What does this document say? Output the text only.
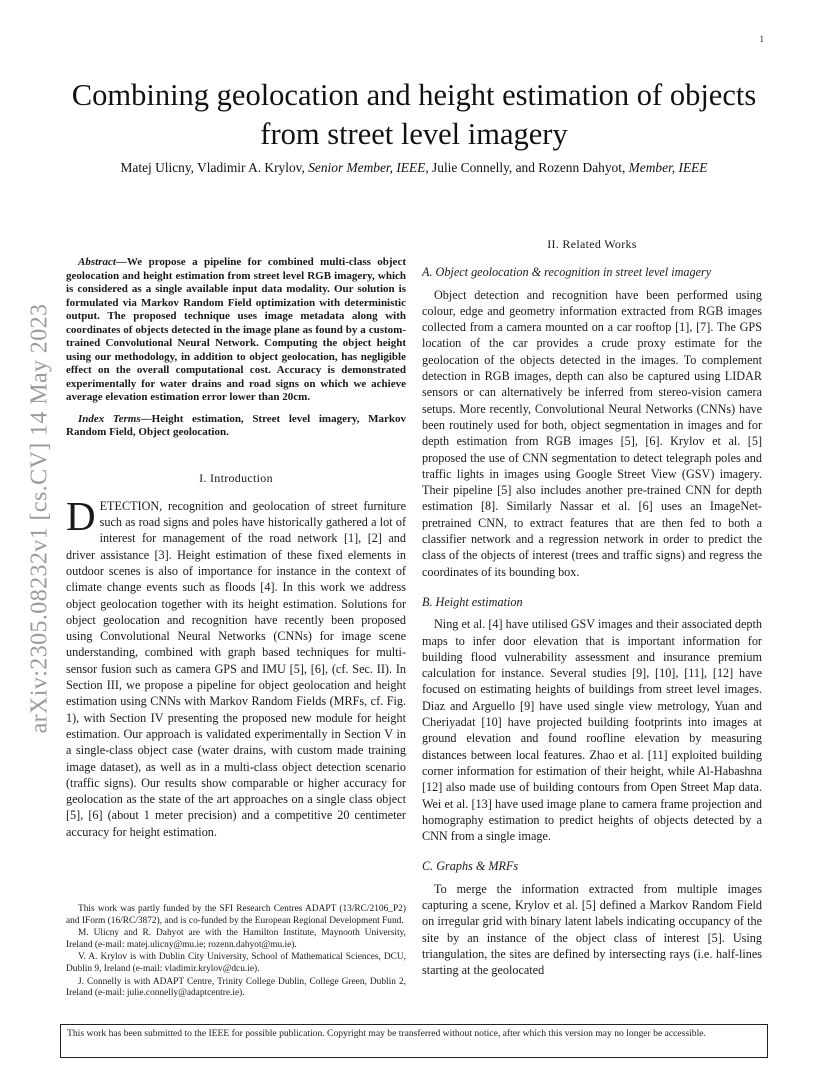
1
arXiv:2305.08232v1 [cs.CV] 14 May 2023
Combining geolocation and height estimation of objects from street level imagery
Matej Ulicny, Vladimir A. Krylov, Senior Member, IEEE, Julie Connelly, and Rozenn Dahyot, Member, IEEE

Abstract—We propose a pipeline for combined multi-class object geolocation and height estimation from street level RGB imagery, which is considered as a single available input data modality. Our solution is formulated via Markov Random Field optimization with deterministic output. The proposed technique uses image metadata along with coordinates of objects detected in the image plane as found by a custom-trained Convolutional Neural Network. Computing the object height using our methodology, in addition to object geolocation, has negligible effect on the overall computational cost. Accuracy is demonstrated experimentally for water drains and road signs on which we achieve average elevation estimation error lower than 20cm.

Index Terms—Height estimation, Street level imagery, Markov Random Field, Object geolocation.

I. Introduction

DETECTION, recognition and geolocation of street furniture such as road signs and poles have historically gathered a lot of interest for management of the road network [1], [2] and driver assistance [3]. Height estimation of these fixed elements in outdoor scenes is also of importance for instance in the context of climate change events such as floods [4]. In this work we address object geolocation together with its height estimation. Solutions for object geolocation and recognition have recently been proposed using Convolutional Neural Networks (CNNs) for image scene understanding, combined with graph based techniques for multi-sensor fusion such as camera GPS and IMU [5], [6], (cf. Sec. II). In Section III, we propose a pipeline for object geolocation and height estimation using CNNs with Markov Random Fields (MRFs, cf. Fig. 1), with Section IV presenting the proposed new module for height estimation. Our approach is validated experimentally in Section V in a single-class object case (water drains, with custom made training image dataset), as well as in a multi-class object detection scenario (traffic signs). Our results show comparable or higher accuracy for geolocation as the state of the art approaches on a single class object [5], [6] (about 1 meter precision) and a competitive 20 centimeter accuracy for height estimation.

This work was partly funded by the SFI Research Centres ADAPT (13/RC/2106_P2) and IForm (16/RC/3872), and is co-funded by the European Regional Development Fund.

M. Ulicny and R. Dahyot are with the Hamilton Institute, Maynooth University, Ireland (e-mail: matej.ulicny@mu.ie; rozenn.dahyot@mu.ie).

V. A. Krylov is with Dublin City University, School of Mathematical Sciences, DCU, Dublin 9, Ireland (e-mail: vladimir.krylov@dcu.ie).

J. Connelly is with ADAPT Centre, Trinity College Dublin, College Green, Dublin 2, Ireland (e-mail: julie.connelly@adaptcentre.ie).

II. Related Works
A. Object geolocation & recognition in street level imagery

Object detection and recognition have been performed using colour, edge and geometry information extracted from RGB images collected from a camera mounted on a car rooftop [1], [7]. The GPS location of the car provides a crude proxy estimate for the geolocation of the objects detected in the images. To complement detection in RGB images, depth can also be captured using LIDAR sensors or can alternatively be inferred from stereo-vision camera setups. More recently, Convolutional Neural Networks (CNNs) have been routinely used for both, object segmentation in images and for depth estimation from RGB images [5], [6]. Krylov et al. [5] proposed the use of CNN segmentation to detect telegraph poles and traffic lights in images using Google Street View (GSV) imagery. Their pipeline [5] also includes another pre-trained CNN for depth estimation [8]. Similarly Nassar et al. [6] uses an ImageNet-pretrained CNN, to extract features that are then fed to both a classifier network and a regression network in order to predict the class of the objects of interest (trees and traffic signs) and regress the coordinates of its bounding box.

B. Height estimation

Ning et al. [4] have utilised GSV images and their associated depth maps to infer door elevation that is important information for building flood vulnerability assessment and insurance premium calculation for instance. Several studies [9], [10], [11], [12] have focused on estimating heights of buildings from street level images. Diaz and Arguello [9] have used single view metrology, Yuan and Cheriyadat [10] have projected building footprints into images at ground elevation and found roofline elevation by measuring distances between local features. Zhao et al. [11] exploited building corner information for estimation of their height, while Al-Habashna [12] also made use of building contours from Open Street Map data. Wei et al. [13] have used image plane to camera frame projection and homography estimation to predict heights of objects detected by a CNN from a single image.

C. Graphs & MRFs

To merge the information extracted from multiple images capturing a scene, Krylov et al. [5] defined a Markov Random Field on irregular grid with binary latent labels indicating occupancy of the site by an instance of the object class of interest [5]. Using triangulation, the sites are defined by intersecting rays (i.e. half-lines starting at the geolocated

This work has been submitted to the IEEE for possible publication. Copyright may be transferred without notice, after which this version may no longer be accessible.
